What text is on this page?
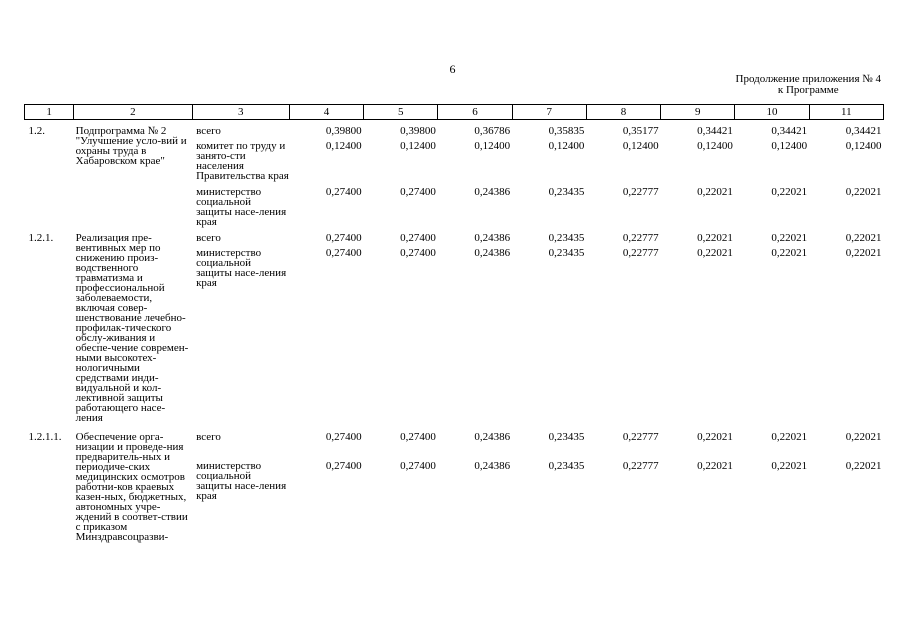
6
Продолжение приложения № 4
к Программе
1	2	3	4	5	6	7	8	9	10	11
1.2.	Подпрограмма № 2 "Улучшение усло-вий и охраны труда в Хабаровском крае"	всего	0,39800	0,39800	0,36786	0,35835	0,35177	0,34421	0,34421	0,34421
		комитет по труду и занято-сти населения Правительства края	0,12400	0,12400	0,12400	0,12400	0,12400	0,12400	0,12400	0,12400
		министерство социальной защиты насе-ления края	0,27400	0,27400	0,24386	0,23435	0,22777	0,22021	0,22021	0,22021
1.2.1.	Реализация пре-вентивных мер по снижению произ-водственного травматизма и профессиональной заболеваемости, включая совер-шенствование лечебно-профилак-тического обслу-живания и обеспе-чение современ-ными высокотех-нологичными средствами инди-видуальной и кол-лективной защиты работающего насе-ления	всего	0,27400	0,27400	0,24386	0,23435	0,22777	0,22021	0,22021	0,22021
		министерство социальной защиты насе-ления края	0,27400	0,27400	0,24386	0,23435	0,22777	0,22021	0,22021	0,22021
1.2.1.1.	Обеспечение орга-низации и проведе-ния предваритель-ных и периодиче-ских медицинских осмотров работни-ков краевых казен-ных, бюджетных, автономных учре-ждений в соответ-ствии с приказом Минздравсоцразви-	всего	0,27400	0,27400	0,24386	0,23435	0,22777	0,22021	0,22021	0,22021
		министерство социальной защиты насе-ления края	0,27400	0,27400	0,24386	0,23435	0,22777	0,22021	0,22021	0,22021
